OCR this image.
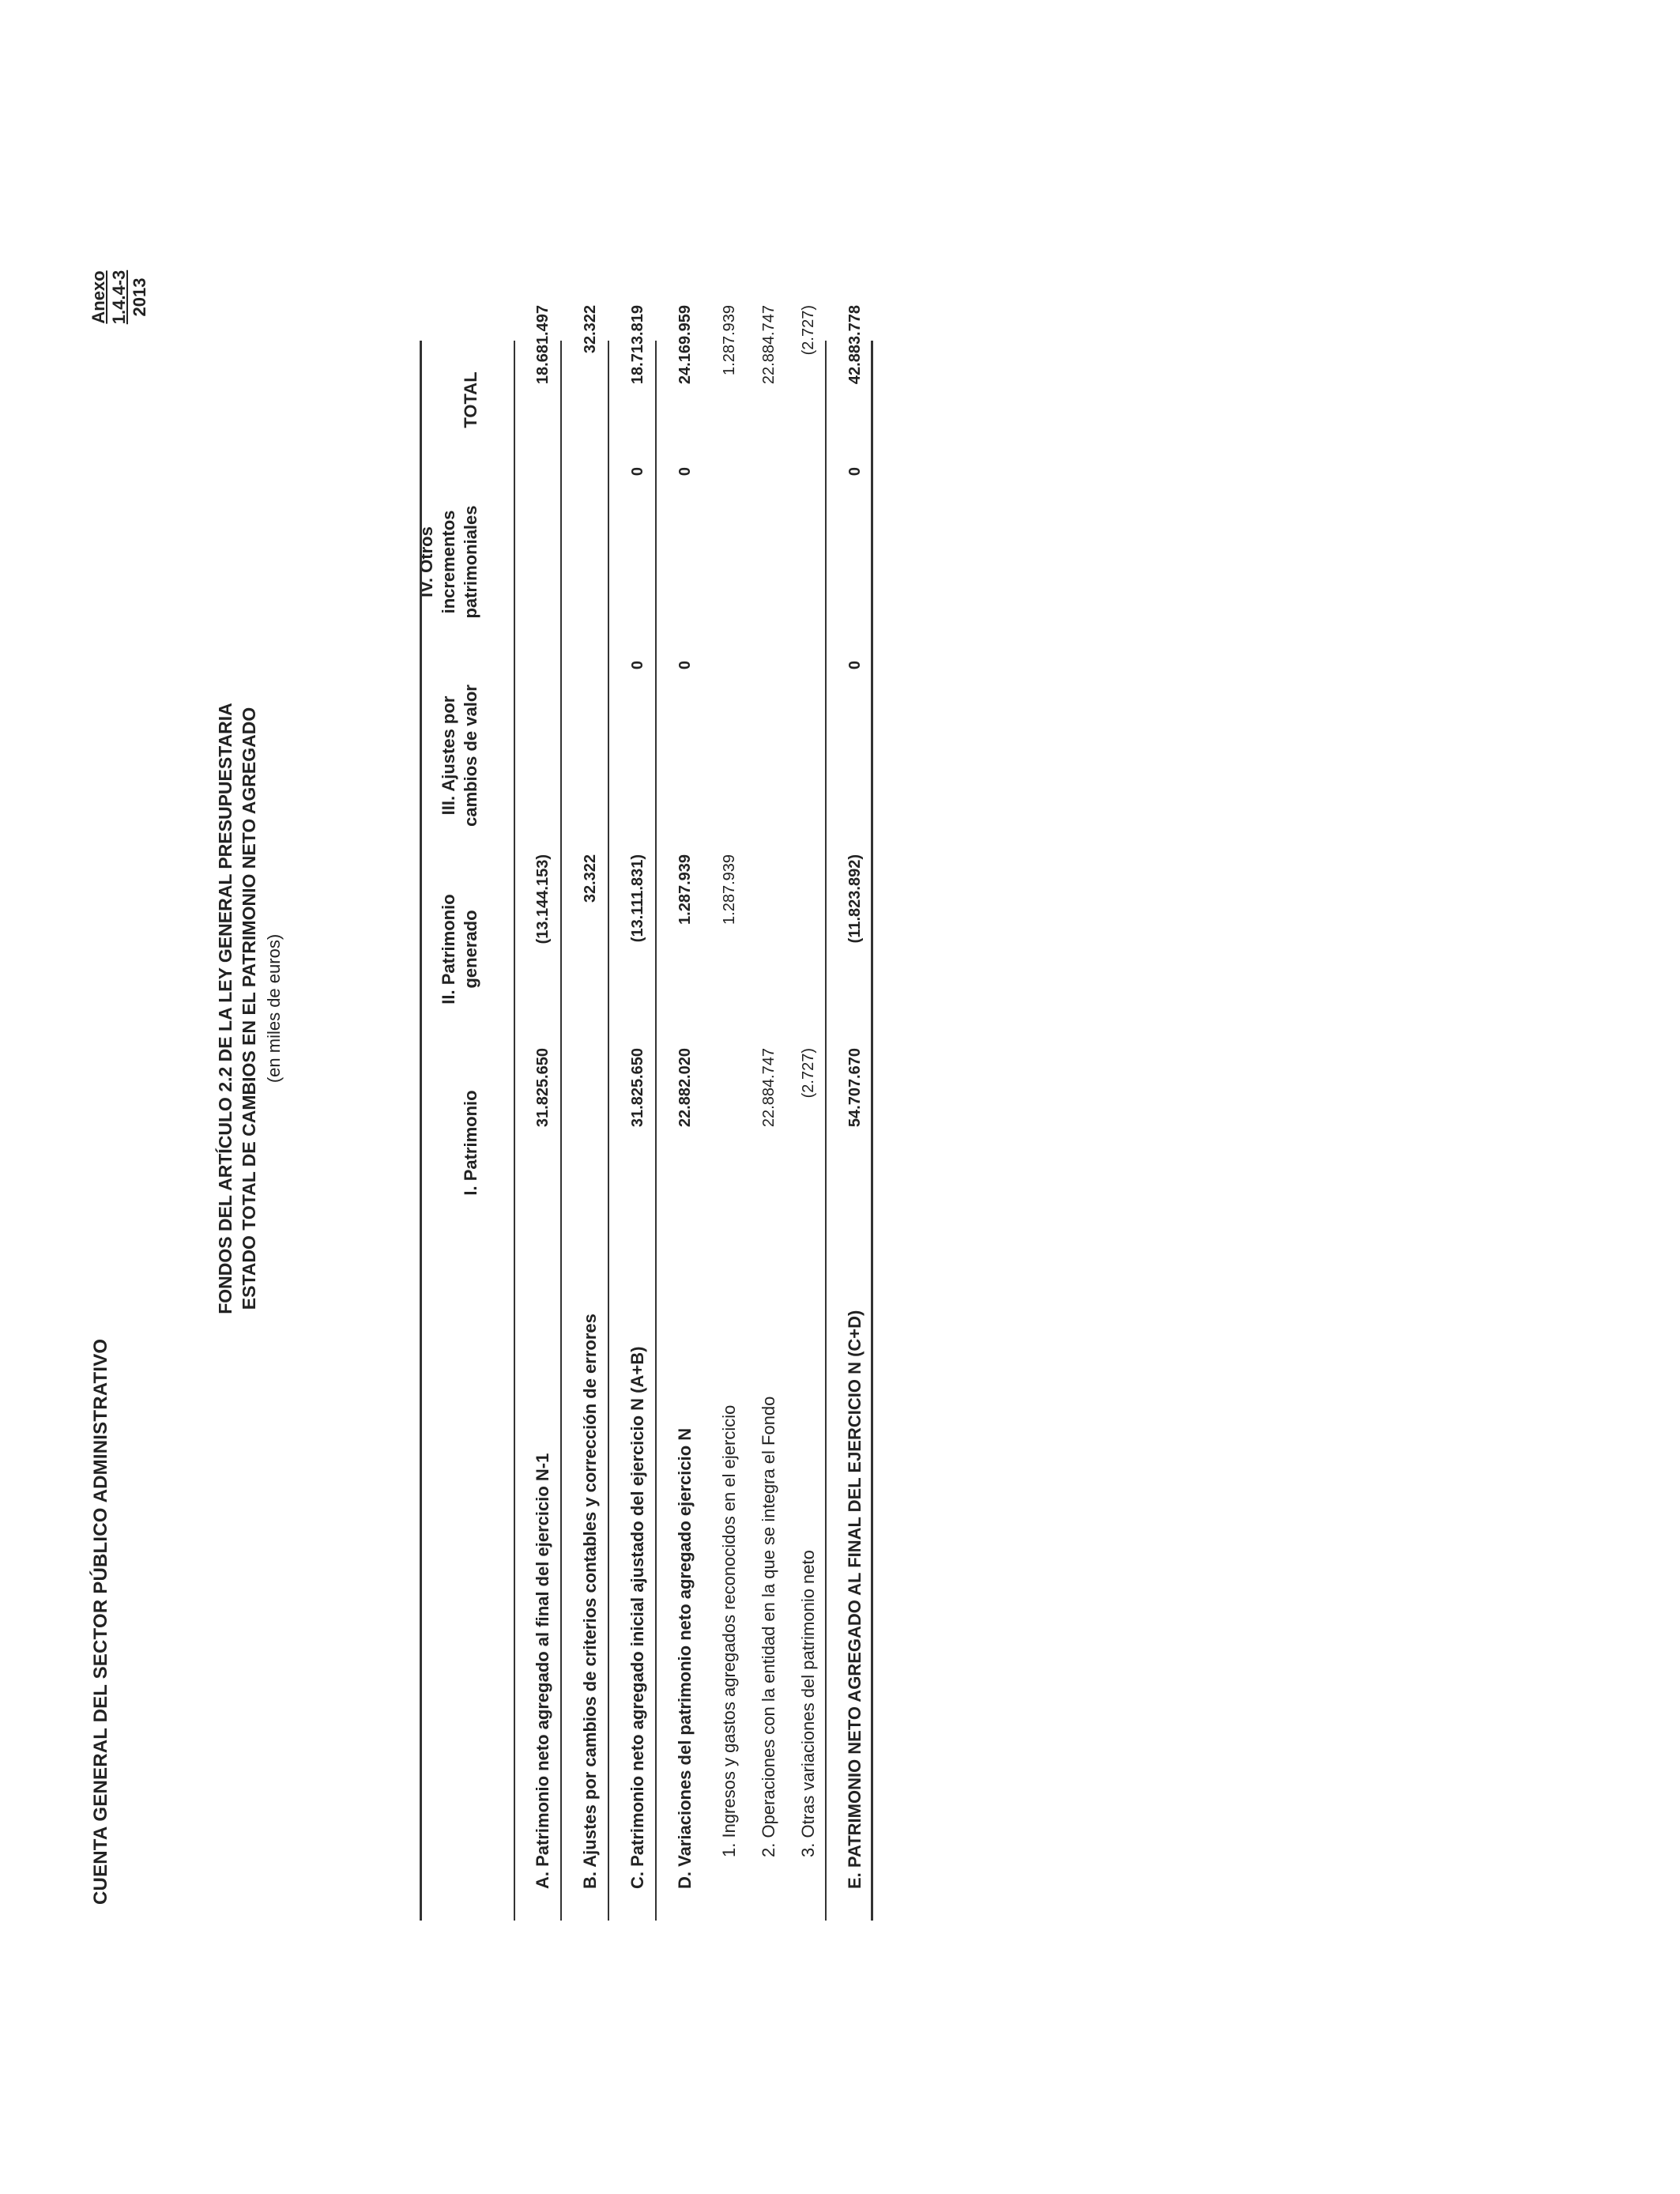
CUENTA GENERAL DEL SECTOR PÚBLICO ADMINISTRATIVO
Anexo 1.4.4-3 2013
FONDOS DEL ARTÍCULO 2.2 DE LA LEY GENERAL PRESUPUESTARIA ESTADO TOTAL DE CAMBIOS EN EL PATRIMONIO NETO AGREGADO (en miles de euros)
I. Patrimonio
II. Patrimonio generado
III. Ajustes por cambios de valor
IV. Otros incrementos patrimoniales
TOTAL
A. Patrimonio neto agregado al final del ejercicio N-1
31.825.650
(13.144.153)
18.681.497
B. Ajustes por cambios de criterios contables y corrección de errores
32.322
32.322
C. Patrimonio neto agregado inicial ajustado del ejercicio N (A+B)
31.825.650
(13.111.831)
0
0
18.713.819
D. Variaciones del patrimonio neto agregado ejercicio N
22.882.020
1.287.939
0
0
24.169.959
1. Ingresos y gastos agregados reconocidos en el ejercicio
1.287.939
1.287.939
2. Operaciones con la entidad en la que se integra el Fondo
22.884.747
22.884.747
3. Otras variaciones del patrimonio neto
(2.727)
(2.727)
E. PATRIMONIO NETO AGREGADO AL FINAL DEL EJERCICIO N (C+D)
54.707.670
(11.823.892)
0
0
42.883.778
